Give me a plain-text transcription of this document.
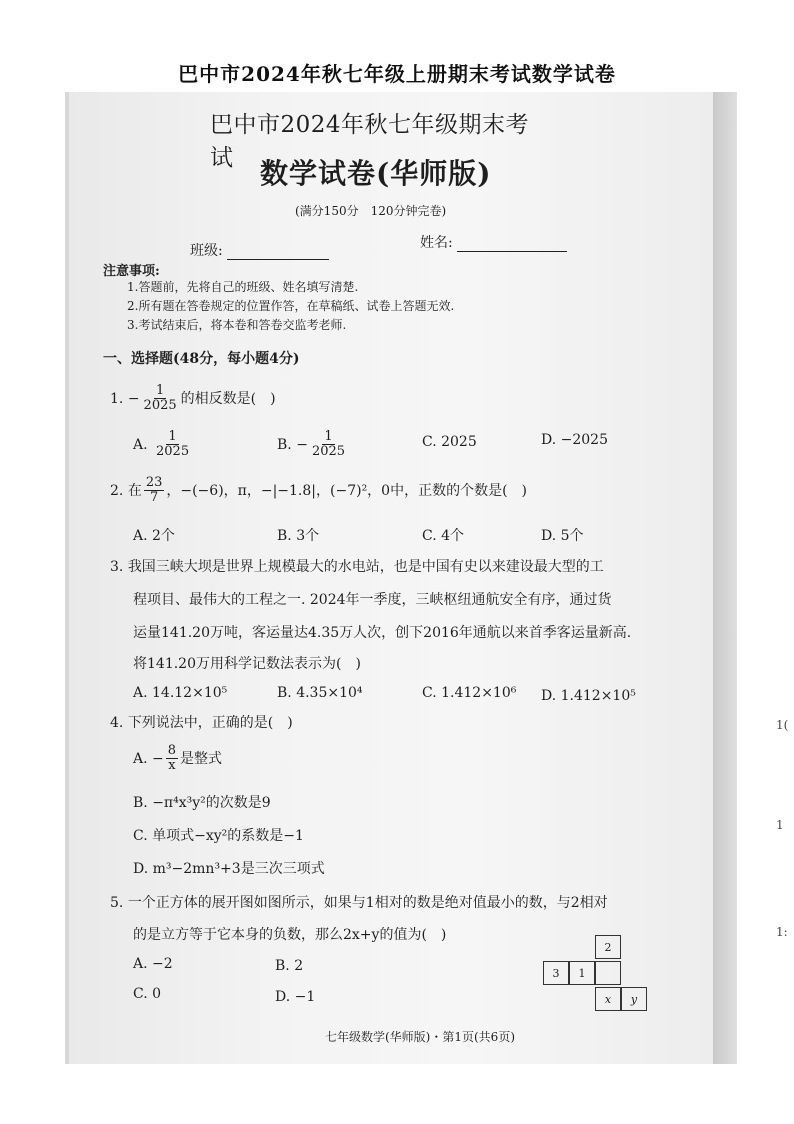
巴中市2024年秋七年级上册期末考试数学试卷
巴中市2024年秋七年级期末考试 数学试卷(华师版)
(满分150分　120分钟完卷)
班级:	姓名:
注意事项:
1.答题前，先将自己的班级、姓名填写清楚.
2.所有题在答卷规定的位置作答，在草稿纸、试卷上答题无效.
3.考试结束后，将本卷和答卷交监考老师.
一、选择题(48分，每小题4分)
1. − $\frac{1}{2025}$ 的相反数是(　)
A. $\frac{1}{2025}$	B. − $\frac{1}{2025}$	C. 2025	D. −2025
2. 在 $\frac{23}{7}$ ，−(−6)，π，−|−1.8|，(−7)²，0中，正数的个数是(　)
A. 2个	B. 3个	C. 4个	D. 5个
3. 我国三峡大坝是世界上规模最大的水电站，也是中国有史以来建设最大型的工
程项目、最伟大的工程之一. 2024年一季度，三峡枢纽通航安全有序，通过货
运量141.20万吨，客运量达4.35万人次，创下2016年通航以来首季客运量新高.
将141.20万用科学记数法表示为(　)
A. 14.12×10⁵	B. 4.35×10⁴	C. 1.412×10⁶ D. 1.412×10⁵
4. 下列说法中，正确的是(　)
A. − $\frac{8}{x}$ 是整式
B. −π⁴x³y²的次数是9
C. 单项式−xy²的系数是−1
D. m³−2mn³+3是三次三项式
5. 一个正方体的展开图如图所示，如果与1相对的数是绝对值最小的数，与2相对
的是立方等于它本身的负数，那么2x+y的值为(　)
A. −2	B. 2
C. 0	D. −1
2
3	1
x	y
七年级数学(华师版)・第1页(共6页)
1(
1
1:
